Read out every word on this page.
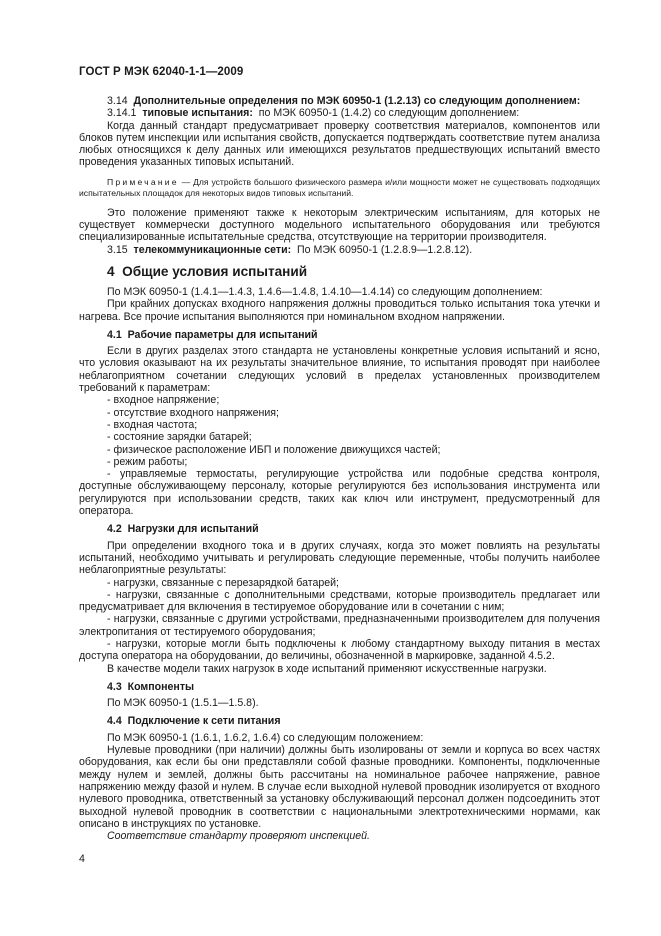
ГОСТ Р МЭК 62040-1-1—2009

3.14 Дополнительные определения по МЭК 60950-1 (1.2.13) со следующим дополнением:

3.14.1 типовые испытания: по МЭК 60950-1 (1.4.2) со следующим дополнением:

Когда данный стандарт предусматривает проверку соответствия материалов, компонентов или блоков путем инспекции или испытания свойств, допускается подтверждать соответствие путем анализа любых относящихся к делу данных или имеющихся результатов предшествующих испытаний вместо проведения указанных типовых испытаний.

Примечание — Для устройств большого физического размера и/или мощности может не существовать подходящих испытательных площадок для некоторых видов типовых испытаний.

Это положение применяют также к некоторым электрическим испытаниям, для которых не существует коммерчески доступного модельного испытательного оборудования или требуются специализированные испытательные средства, отсутствующие на территории производителя.

3.15 телекоммуникационные сети: По МЭК 60950-1 (1.2.8.9—1.2.8.12).

4 Общие условия испытаний

По МЭК 60950-1 (1.4.1—1.4.3, 1.4.6—1.4.8, 1.4.10—1.4.14) со следующим дополнением:

При крайних допусках входного напряжения должны проводиться только испытания тока утечки и нагрева. Все прочие испытания выполняются при номинальном входном напряжении.

4.1 Рабочие параметры для испытаний

Если в других разделах этого стандарта не установлены конкретные условия испытаний и ясно, что условия оказывают на их результаты значительное влияние, то испытания проводят при наиболее неблагоприятном сочетании следующих условий в пределах установленных производителем требований к параметрам:

- входное напряжение;

- отсутствие входного напряжения;

- входная частота;

- состояние зарядки батарей;

- физическое расположение ИБП и положение движущихся частей;

- режим работы;

- управляемые термостаты, регулирующие устройства или подобные средства контроля, доступные обслуживающему персоналу, которые регулируются без использования инструмента или регулируются при использовании средств, таких как ключ или инструмент, предусмотренный для оператора.

4.2 Нагрузки для испытаний

При определении входного тока и в других случаях, когда это может повлиять на результаты испытаний, необходимо учитывать и регулировать следующие переменные, чтобы получить наиболее неблагоприятные результаты:

- нагрузки, связанные с перезарядкой батарей;

- нагрузки, связанные с дополнительными средствами, которые производитель предлагает или предусматривает для включения в тестируемое оборудование или в сочетании с ним;

- нагрузки, связанные с другими устройствами, предназначенными производителем для получения электропитания от тестируемого оборудования;

- нагрузки, которые могли быть подключены к любому стандартному выходу питания в местах доступа оператора на оборудовании, до величины, обозначенной в маркировке, заданной 4.5.2.

В качестве модели таких нагрузок в ходе испытаний применяют искусственные нагрузки.

4.3 Компоненты

По МЭК 60950-1 (1.5.1—1.5.8).

4.4 Подключение к сети питания

По МЭК 60950-1 (1.6.1, 1.6.2, 1.6.4) со следующим положением:

Нулевые проводники (при наличии) должны быть изолированы от земли и корпуса во всех частях оборудования, как если бы они представляли собой фазные проводники. Компоненты, подключенные между нулем и землей, должны быть рассчитаны на номинальное рабочее напряжение, равное напряжению между фазой и нулем. В случае если выходной нулевой проводник изолируется от входного нулевого проводника, ответственный за установку обслуживающий персонал должен подсоединить этот выходной нулевой проводник в соответствии с национальными электротехническими нормами, как описано в инструкциях по установке.

Соответствие стандарту проверяют инспекцией.

4
